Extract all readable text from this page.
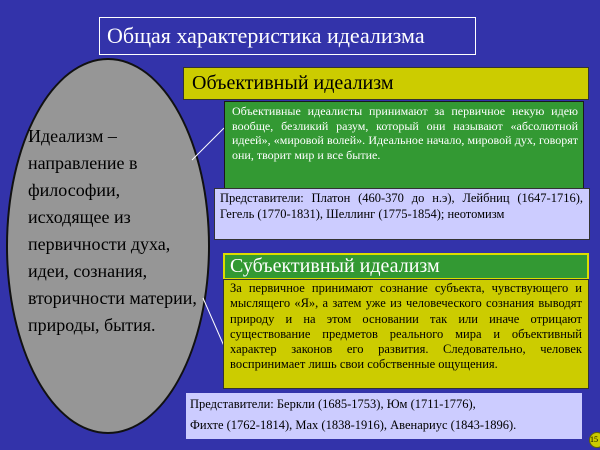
Общая характеристика идеализма
Идеализм – направление в философии, исходящее из первичности духа, идеи, сознания, вторичности материи, природы, бытия.
Объективный идеализм
Объективные идеалисты принимают за первичное некую идею вообще, безликий разум, который они называют «абсолютной идеей», «мировой волей». Идеальное начало, мировой дух, говорят они, творит мир и все бытие.
Представители: Платон (460-370 до н.э), Лейбниц (1647-1716), Гегель (1770-1831), Шеллинг (1775-1854); неотомизм
Субъективный идеализм
За первичное принимают сознание субъекта, чувствующего и мыслящего «Я», а затем уже из человеческого сознания выводят природу и на этом основании так или иначе отрицают существование предметов реального мира и объективный характер законов его развития. Следовательно, человек воспринимает лишь свои собственные ощущения.
Представители: Беркли (1685-1753), Юм (1711-1776),
Фихте (1762-1814), Мах (1838-1916), Авенариус (1843-1896).
15
